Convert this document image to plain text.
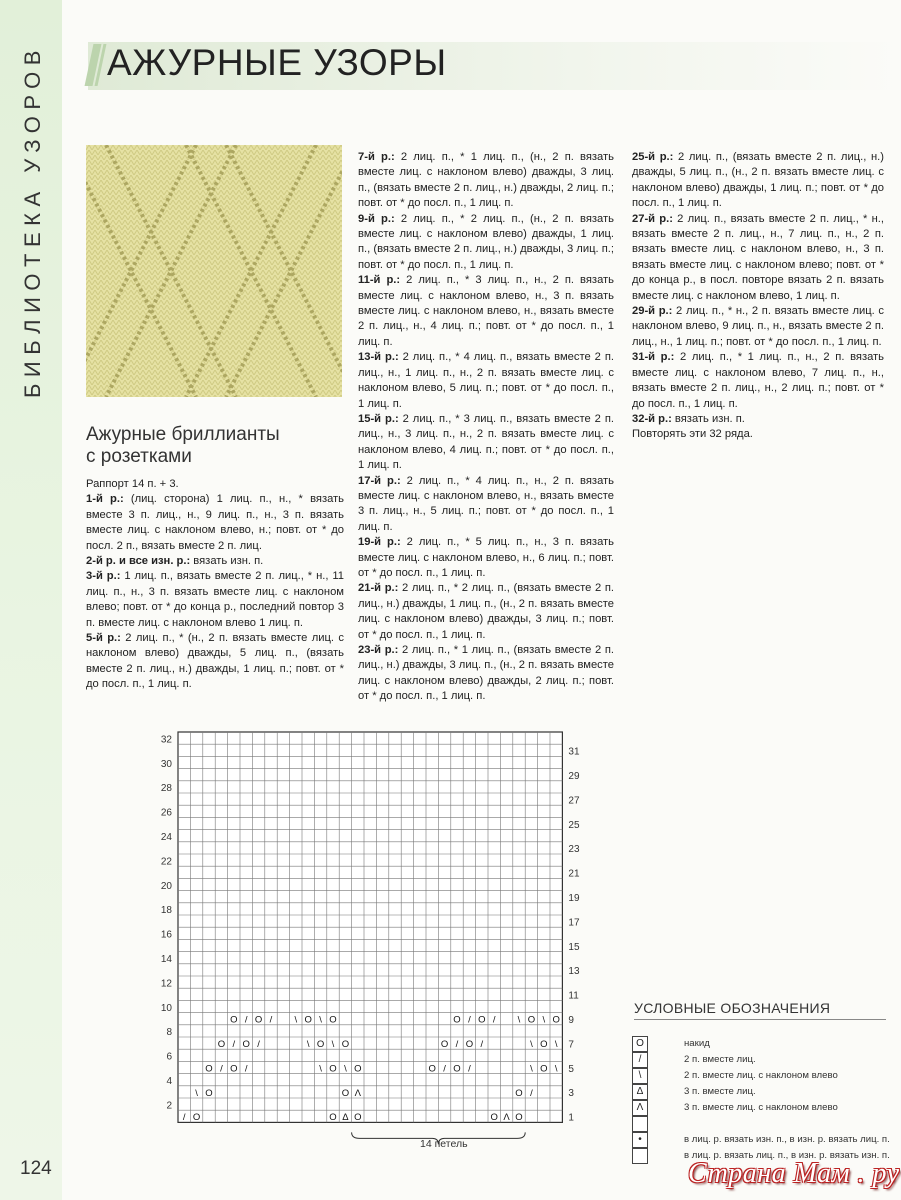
АЖУРНЫЕ УЗОРЫ
Ажурные бриллианты
с розетками

Раппорт 14 п. + 3.

1-й р.: (лиц. сторона) 1 лиц. п., н., * вязать вместе 3 п. лиц., н., 9 лиц. п., н., 3 п. вязать вместе лиц. с наклоном влево, н.; повт. от * до посл. 2 п., вязать вместе 2 п. лиц.

2-й р. и все изн. р.: вязать изн. п.

3-й р.: 1 лиц. п., вязать вместе 2 п. лиц., * н., 11 лиц. п., н., 3 п. вязать вместе лиц. с наклоном влево; повт. от * до конца р., последний повтор 3 п. вместе лиц. с наклоном влево 1 лиц. п.

5-й р.: 2 лиц. п., * (н., 2 п. вязать вместе лиц. с наклоном влево) дважды, 5 лиц. п., (вязать вместе 2 п. лиц., н.) дважды, 1 лиц. п.; повт. от * до посл. п., 1 лиц. п.

7-й р.: 2 лиц. п., * 1 лиц. п., (н., 2 п. вязать вместе лиц. с наклоном влево) дважды, 3 лиц. п., (вязать вместе 2 п. лиц., н.) дважды, 2 лиц. п.; повт. от * до посл. п., 1 лиц. п.

9-й р.: 2 лиц. п., * 2 лиц. п., (н., 2 п. вязать вместе лиц. с наклоном влево) дважды, 1 лиц. п., (вязать вместе 2 п. лиц., н.) дважды, 3 лиц. п.; повт. от * до посл. п., 1 лиц. п.

11-й р.: 2 лиц. п., * 3 лиц. п., н., 2 п. вязать вместе лиц. с наклоном влево, н., 3 п. вязать вместе лиц. с наклоном влево, н., вязать вместе 2 п. лиц., н., 4 лиц. п.; повт. от * до посл. п., 1 лиц. п.

13-й р.: 2 лиц. п., * 4 лиц. п., вязать вместе 2 п. лиц., н., 1 лиц. п., н., 2 п. вязать вместе лиц. с наклоном влево, 5 лиц. п.; повт. от * до посл. п., 1 лиц. п.

15-й р.: 2 лиц. п., * 3 лиц. п., вязать вместе 2 п. лиц., н., 3 лиц. п., н., 2 п. вязать вместе лиц. с наклоном влево, 4 лиц. п.; повт. от * до посл. п., 1 лиц. п.

17-й р.: 2 лиц. п., * 4 лиц. п., н., 2 п. вязать вместе лиц. с наклоном влево, н., вязать вместе 3 п. лиц., н., 5 лиц. п.; повт. от * до посл. п., 1 лиц. п.

19-й р.: 2 лиц. п., * 5 лиц. п., н., 3 п. вязать вместе лиц. с наклоном влево, н., 6 лиц. п.; повт. от * до посл. п., 1 лиц. п.

21-й р.: 2 лиц. п., * 2 лиц. п., (вязать вместе 2 п. лиц., н.) дважды, 1 лиц. п., (н., 2 п. вязать вместе лиц. с наклоном влево) дважды, 3 лиц. п.; повт. от * до посл. п., 1 лиц. п.

23-й р.: 2 лиц. п., * 1 лиц. п., (вязать вместе 2 п. лиц., н.) дважды, 3 лиц. п., (н., 2 п. вязать вместе лиц. с наклоном влево) дважды, 2 лиц. п.; повт. от * до посл. п., 1 лиц. п.

25-й р.: 2 лиц. п., (вязать вместе 2 п. лиц., н.) дважды, 5 лиц. п., (н., 2 п. вязать вместе лиц. с наклоном влево) дважды, 1 лиц. п.; повт. от * до посл. п., 1 лиц. п.

27-й р.: 2 лиц. п., вязать вместе 2 п. лиц., * н., вязать вместе 2 п. лиц., н., 7 лиц. п., н., 2 п. вязать вместе лиц. с наклоном влево, н., 3 п. вязать вместе лиц. с наклоном влево; повт. от * до конца р., в посл. повторе вязать 2 п. вязать вместе лиц. с наклоном влево, 1 лиц. п.

29-й р.: 2 лиц. п., * н., 2 п. вязать вместе лиц. с наклоном влево, 9 лиц. п., н., вязать вместе 2 п. лиц., н., 1 лиц. п.; повт. от * до посл. п., 1 лиц. п.

31-й р.: 2 лиц. п., * 1 лиц. п., н., 2 п. вязать вместе лиц. с наклоном влево, 7 лиц. п., н., вязать вместе 2 п. лиц., н., 2 лиц. п.; повт. от * до посл. п., 1 лиц. п.

32-й р.: вязать изн. п.

Повторять эти 32 ряда.

32
30
28
26
24
22
20
18
16
14
12
10
8
6
4
2
31
29
27
25
23
21
19
17
15
13
11
9
7
5
3
1
/ O	O Δ O	O Λ O
\ O	O Λ	O /
O / O /	\ O \ O	O / O /	\ O \
O / O /	\ O \ O	O / O /	\ O \
O / O / \ O \ O	O / O / \ O \ O
14 петель
УСЛОВНЫЕ ОБОЗНАЧЕНИЯ
O	накид
/	2 п. вместе лиц.
\	2 п. вместе лиц. с наклоном влево
Δ	3 п. вместе лиц.
Λ	3 п. вместе лиц. с наклоном влево
•	в лиц. р. вязать изн. п., в изн. р. вязать лиц. п.
в лиц. р. вязать лиц. п., в изн. р. вязать изн. п.
124	Страна Мам . ру
